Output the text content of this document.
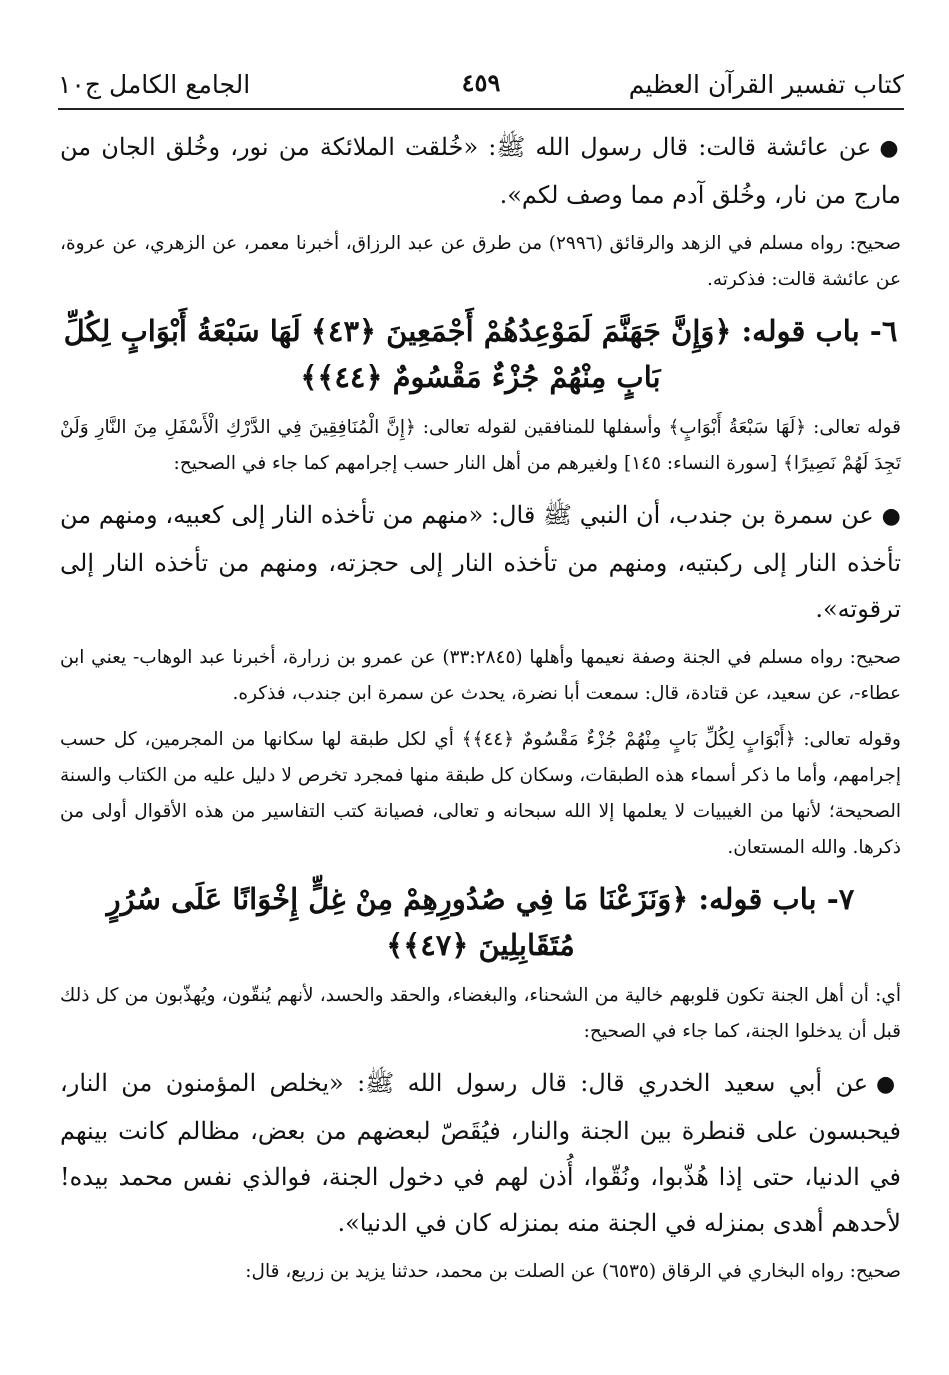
كتاب تفسير القرآن العظيم
٤٥٩
الجامع الكامل ج١٠

●عن عائشة قالت: قال رسول الله ﷺ: «خُلقت الملائكة من نور، وخُلق الجان من مارج من نار، وخُلق آدم مما وصف لكم».

صحيح: رواه مسلم في الزهد والرقائق (٢٩٩٦) من طرق عن عبد الرزاق، أخبرنا معمر، عن الزهري، عن عروة، عن عائشة قالت: فذكرته.

٦- باب قوله: ﴿وَإِنَّ جَهَنَّمَ لَمَوْعِدُهُمْ أَجْمَعِينَ ﴿٤٣﴾ لَهَا سَبْعَةُ أَبْوَابٍ لِكُلِّ بَابٍ مِنْهُمْ جُزْءٌ مَقْسُومٌ ﴿٤٤﴾﴾

قوله تعالى: ﴿لَهَا سَبْعَةُ أَبْوَابٍ﴾ وأسفلها للمنافقين لقوله تعالى: ﴿إِنَّ الْمُنَافِقِينَ فِي الدَّرْكِ الْأَسْفَلِ مِنَ النَّارِ وَلَنْ تَجِدَ لَهُمْ نَصِيرًا﴾ [سورة النساء: ١٤٥] ولغيرهم من أهل النار حسب إجرامهم كما جاء في الصحيح:

●عن سمرة بن جندب، أن النبي ﷺ قال: «منهم من تأخذه النار إلى كعبيه، ومنهم من تأخذه النار إلى ركبتيه، ومنهم من تأخذه النار إلى حجزته، ومنهم من تأخذه النار إلى ترقوته».

صحيح: رواه مسلم في الجنة وصفة نعيمها وأهلها (٣٣:٢٨٤٥) عن عمرو بن زرارة، أخبرنا عبد الوهاب- يعني ابن عطاء-، عن سعيد، عن قتادة، قال: سمعت أبا نضرة، يحدث عن سمرة ابن جندب، فذكره.

وقوله تعالى: ﴿أَبْوَابٍ لِكُلِّ بَابٍ مِنْهُمْ جُزْءٌ مَقْسُومٌ ﴿٤٤﴾﴾ أي لكل طبقة لها سكانها من المجرمين، كل حسب إجرامهم، وأما ما ذكر أسماء هذه الطبقات، وسكان كل طبقة منها فمجرد تخرص لا دليل عليه من الكتاب والسنة الصحيحة؛ لأنها من الغيبيات لا يعلمها إلا الله سبحانه و تعالى، فصيانة كتب التفاسير من هذه الأقوال أولى من ذكرها. والله المستعان.

٧- باب قوله: ﴿وَنَزَعْنَا مَا فِي صُدُورِهِمْ مِنْ غِلٍّ إِخْوَانًا عَلَى سُرُرٍ مُتَقَابِلِينَ ﴿٤٧﴾﴾

أي: أن أهل الجنة تكون قلوبهم خالية من الشحناء، والبغضاء، والحقد والحسد، لأنهم يُنقّون، ويُهذّبون من كل ذلك قبل أن يدخلوا الجنة، كما جاء في الصحيح:

●عن أبي سعيد الخدري قال: قال رسول الله ﷺ: «يخلص المؤمنون من النار، فيحبسون على قنطرة بين الجنة والنار، فيُقَصّ لبعضهم من بعض، مظالم كانت بينهم في الدنيا، حتى إذا هُذّبوا، ونُقّوا، أُذن لهم في دخول الجنة، فوالذي نفس محمد بيده! لأحدهم أهدى بمنزله في الجنة منه بمنزله كان في الدنيا».

صحيح: رواه البخاري في الرقاق (٦٥٣٥) عن الصلت بن محمد، حدثنا يزيد بن زريع، قال:
